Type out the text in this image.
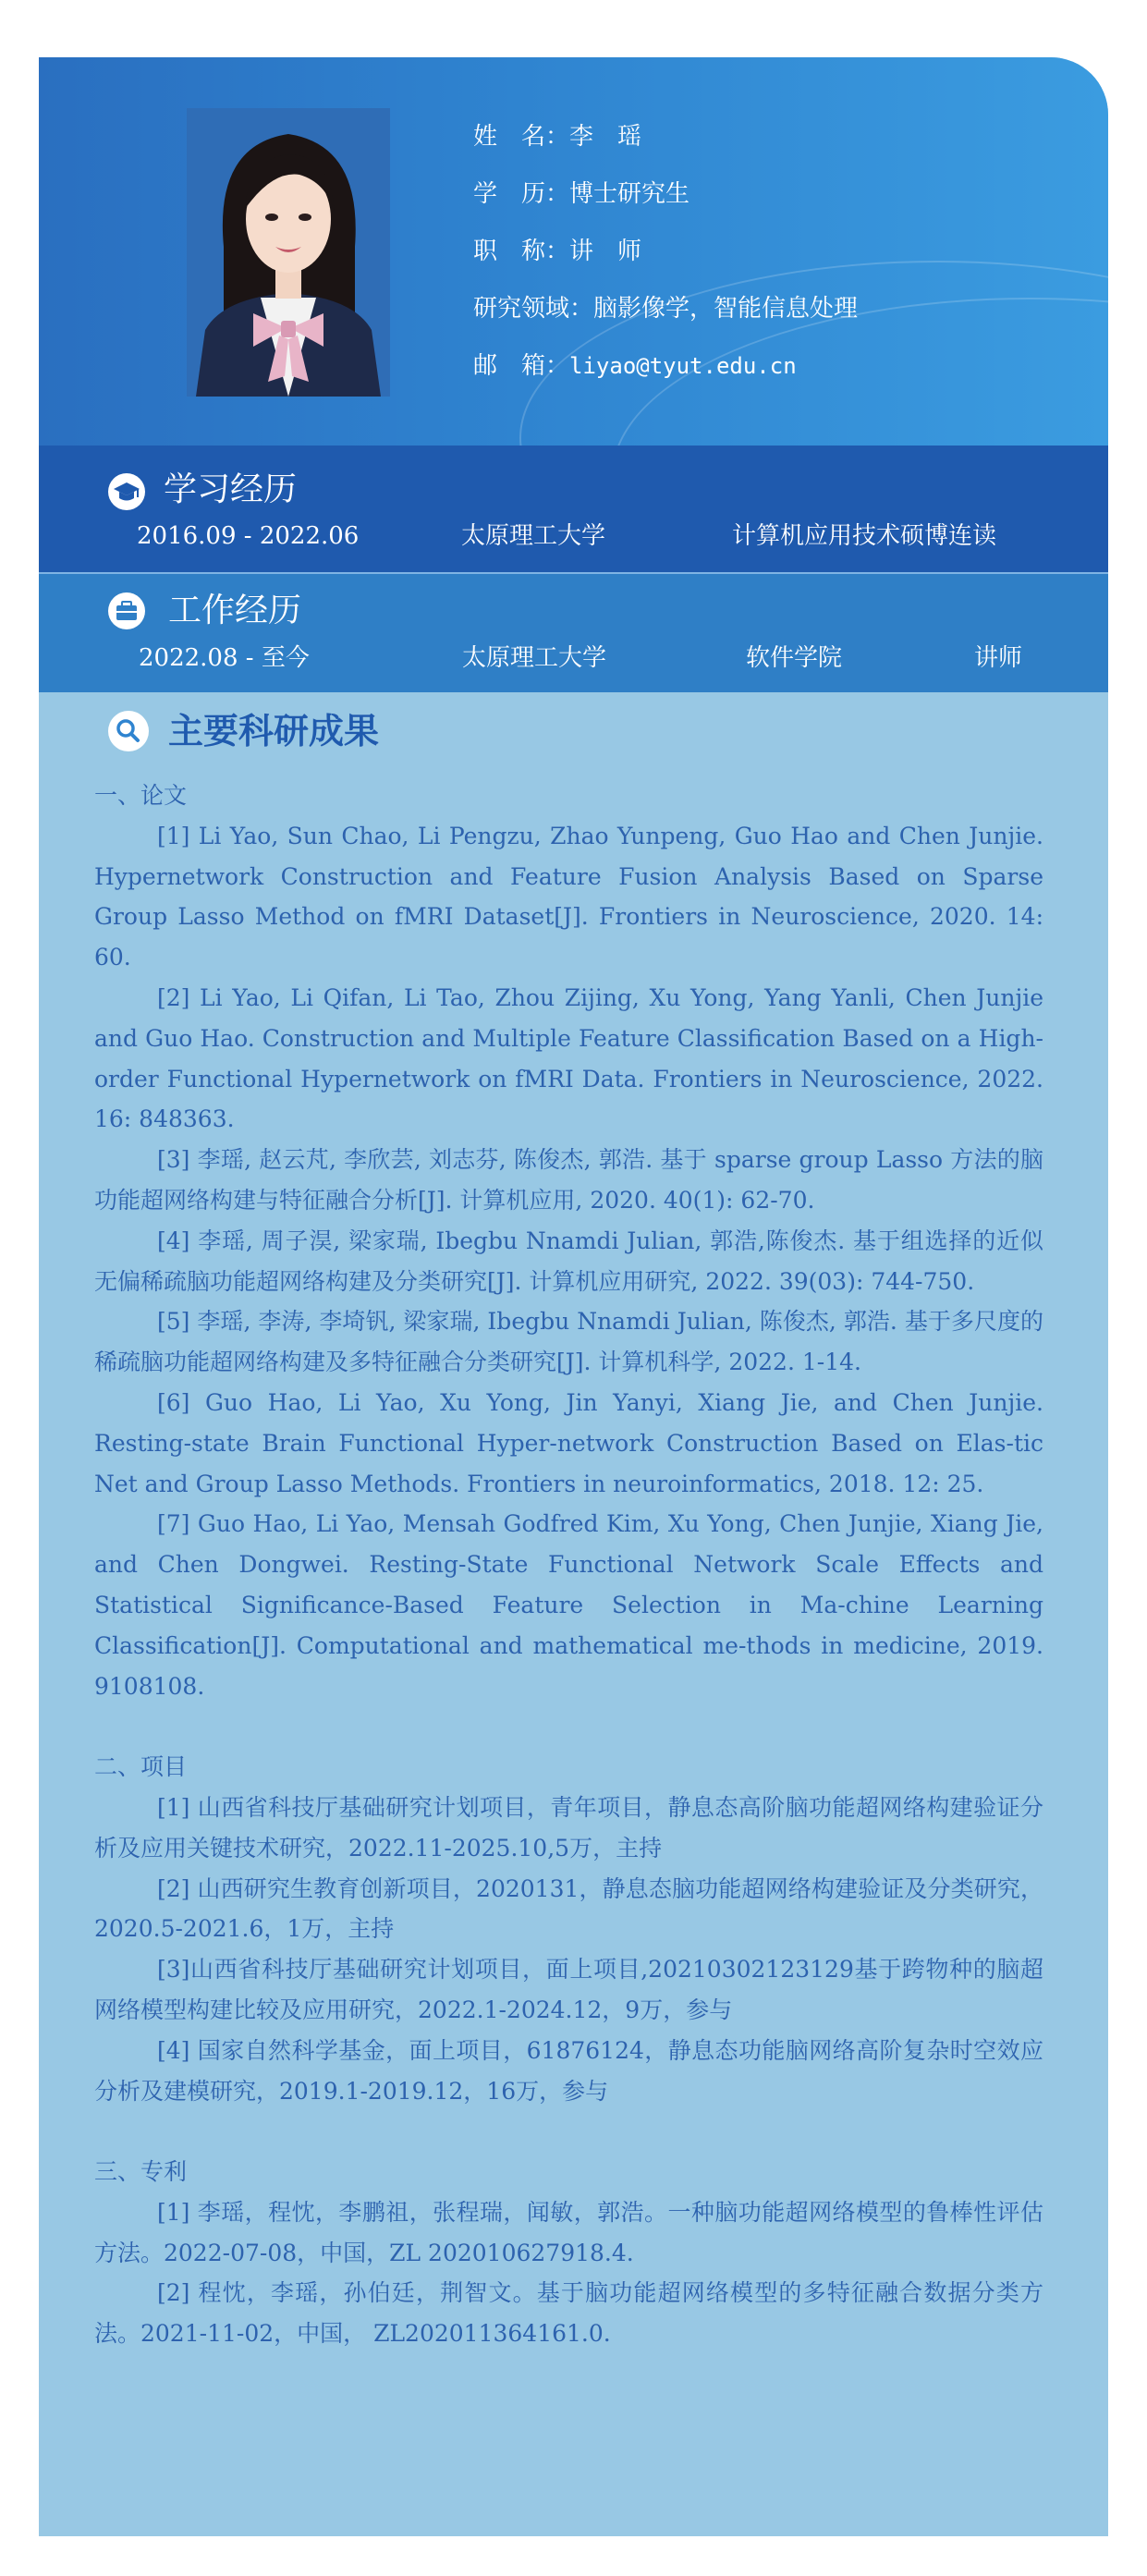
姓　名：李　瑶
学　历：博士研究生
职　称：讲　师
研究领域：脑影像学，智能信息处理
邮　箱：liyao@tyut.edu.cn
学习经历
2016.09 - 2022.06	太原理工大学	计算机应用技术硕博连读
工作经历
2022.08 - 至今	太原理工大学	软件学院	讲师
主要科研成果

一、论文

[1] Li Yao, Sun Chao, Li Pengzu, Zhao Yunpeng, Guo Hao and Chen Junjie. Hypernetwork Construction and Feature Fusion Analysis Based on Sparse Group Lasso Method on fMRI Dataset[J]. Frontiers in Neuroscience, 2020. 14: 60.

[2] Li Yao, Li Qifan, Li Tao, Zhou Zijing, Xu Yong, Yang Yanli, Chen Junjie and Guo Hao. Construction and Multiple Feature Classification Based on a High-order Functional Hypernetwork on fMRI Data. Frontiers in Neuroscience, 2022. 16: 848363.

[3] 李瑶, 赵云芃, 李欣芸, 刘志芬, 陈俊杰, 郭浩. 基于 sparse group Lasso 方法的脑功能超网络构建与特征融合分析[J]. 计算机应用, 2020. 40(1): 62-70.

[4] 李瑶, 周子淏, 梁家瑞, Ibegbu Nnamdi Julian, 郭浩,陈俊杰. 基于组选择的近似无偏稀疏脑功能超网络构建及分类研究[J]. 计算机应用研究, 2022. 39(03): 744-750.

[5] 李瑶, 李涛, 李埼钒, 梁家瑞, Ibegbu Nnamdi Julian, 陈俊杰, 郭浩. 基于多尺度的稀疏脑功能超网络构建及多特征融合分类研究[J]. 计算机科学, 2022. 1-14.

[6] Guo Hao, Li Yao, Xu Yong, Jin Yanyi, Xiang Jie, and Chen Junjie. Resting-state Brain Functional Hyper-network Construction Based on Elas-tic Net and Group Lasso Methods. Frontiers in neuroinformatics, 2018. 12: 25.

[7] Guo Hao, Li Yao, Mensah Godfred Kim, Xu Yong, Chen Junjie, Xiang Jie, and Chen Dongwei. Resting-State Functional Network Scale Effects and Statistical Significance-Based Feature Selection in Ma-chine Learning Classification[J]. Computational and mathematical me-thods in medicine, 2019. 9108108.

二、项目

[1] 山西省科技厅基础研究计划项目，青年项目，静息态高阶脑功能超网络构建验证分析及应用关键技术研究，2022.11-2025.10,5万，主持

[2] 山西研究生教育创新项目，2020131，静息态脑功能超网络构建验证及分类研究，2020.5-2021.6，1万，主持

[3]山西省科技厅基础研究计划项目，面上项目,20210302123129基于跨物种的脑超网络模型构建比较及应用研究，2022.1-2024.12，9万，参与

[4] 国家自然科学基金，面上项目，61876124，静息态功能脑网络高阶复杂时空效应分析及建模研究，2019.1-2019.12，16万，参与

三、专利

[1] 李瑶，程忱，李鹏祖，张程瑞，闻敏，郭浩。一种脑功能超网络模型的鲁棒性评估方法。2022-07-08，中国，ZL 202010627918.4.

[2] 程忱，李瑶，孙伯廷，荆智文。基于脑功能超网络模型的多特征融合数据分类方法。2021-11-02，中国， ZL202011364161.0.
